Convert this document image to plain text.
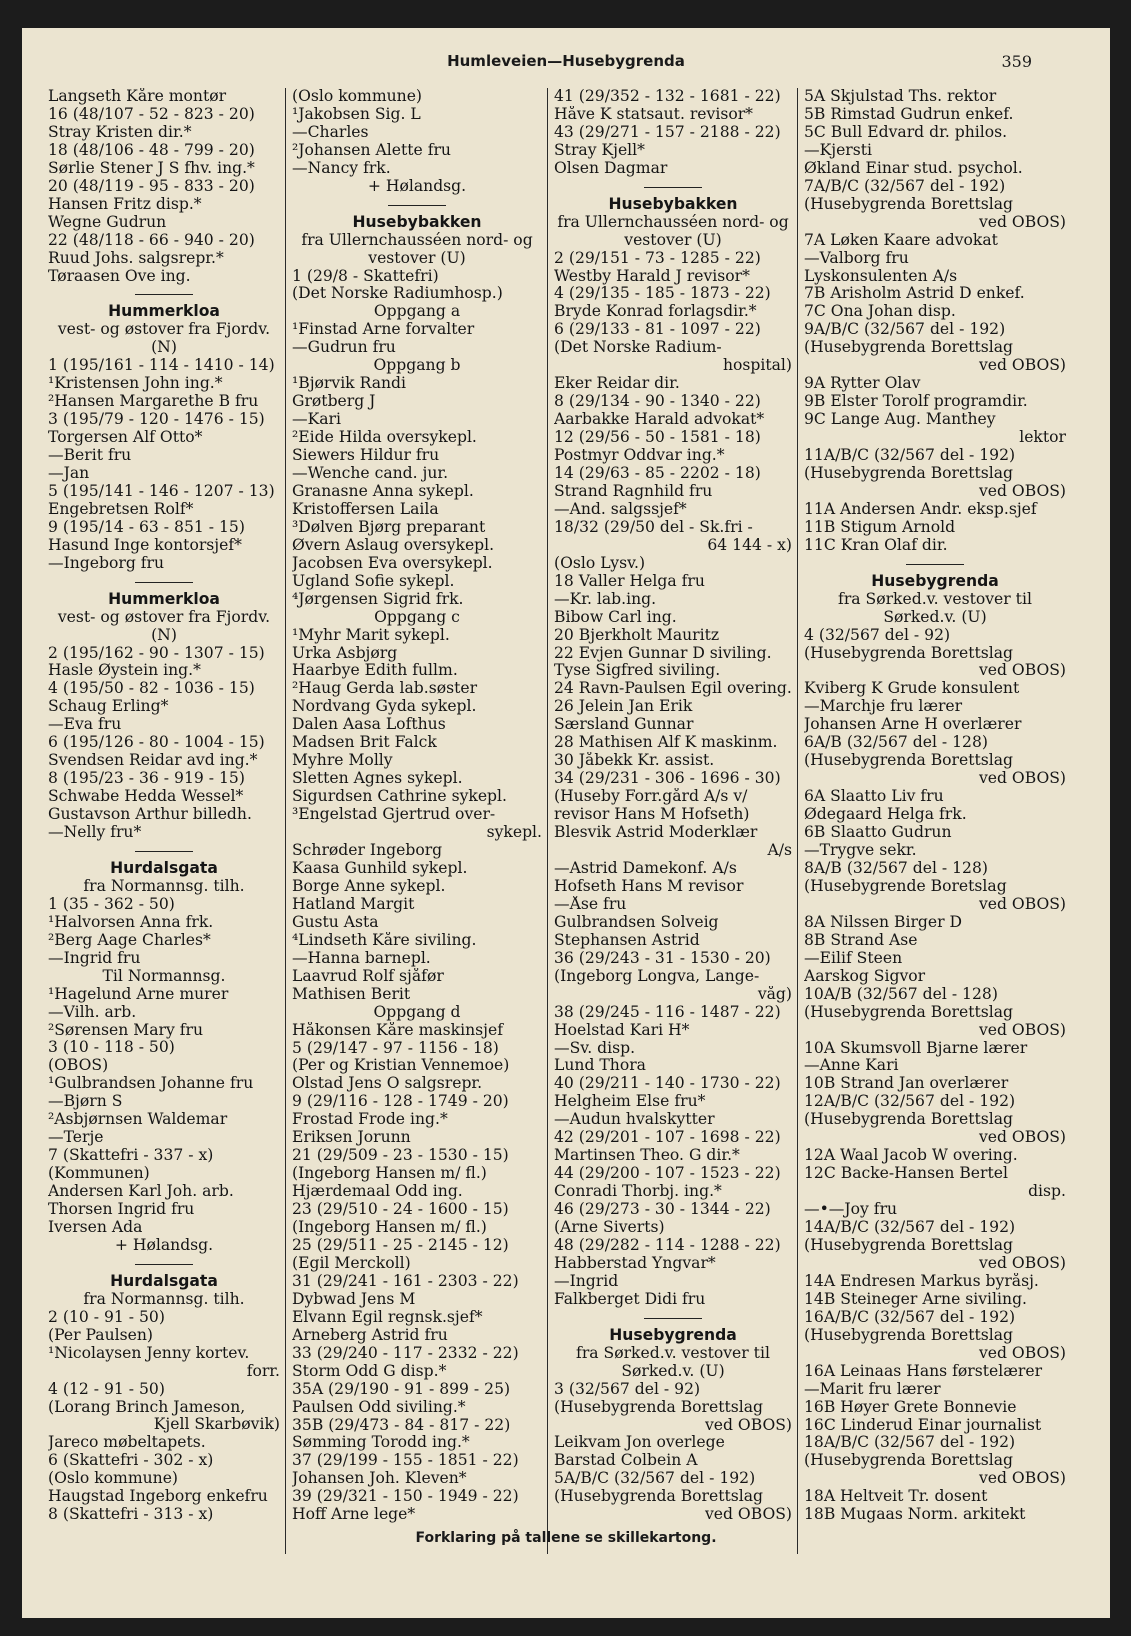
Humleveien—Husebygrenda	359
Langseth Kåre montør
16 (48/107 - 52 - 823 - 20)
Stray Kristen dir.*
18 (48/106 - 48 - 799 - 20)
Sørlie Stener J S fhv. ing.*
20 (48/119 - 95 - 833 - 20)
Hansen Fritz disp.*
Wegne Gudrun
22 (48/118 - 66 - 940 - 20)
Ruud Johs. salgsrepr.*
Tøraasen Ove ing.
Hummerkloa
vest- og østover fra Fjordv.
(N)
1 (195/161 - 114 - 1410 - 14)
¹Kristensen John ing.*
²Hansen Margarethe B fru
3 (195/79 - 120 - 1476 - 15)
Torgersen Alf Otto*
—Berit fru
—Jan
5 (195/141 - 146 - 1207 - 13)
Engebretsen Rolf*
9 (195/14 - 63 - 851 - 15)
Hasund Inge kontorsjef*
—Ingeborg fru
Hummerkloa
vest- og østover fra Fjordv.
(N)
2 (195/162 - 90 - 1307 - 15)
Hasle Øystein ing.*
4 (195/50 - 82 - 1036 - 15)
Schaug Erling*
—Eva fru
6 (195/126 - 80 - 1004 - 15)
Svendsen Reidar avd ing.*
8 (195/23 - 36 - 919 - 15)
Schwabe Hedda Wessel*
Gustavson Arthur billedh.
—Nelly fru*
Hurdalsgata
fra Normannsg. tilh.
1 (35 - 362 - 50)
¹Halvorsen Anna frk.
²Berg Aage Charles*
—Ingrid fru
Til Normannsg.
¹Hagelund Arne murer
—Vilh. arb.
²Sørensen Mary fru
3 (10 - 118 - 50)
(OBOS)
¹Gulbrandsen Johanne fru
—Bjørn S
²Asbjørnsen Waldemar
—Terje
7 (Skattefri - 337 - x)
(Kommunen)
Andersen Karl Joh. arb.
Thorsen Ingrid fru
Iversen Ada
+ Hølandsg.
Hurdalsgata
fra Normannsg. tilh.
2 (10 - 91 - 50)
(Per Paulsen)
¹Nicolaysen Jenny kortev.
forr.
4 (12 - 91 - 50)
(Lorang Brinch Jameson,
Kjell Skarbøvik)
Jareco møbeltapets.
6 (Skattefri - 302 - x)
(Oslo kommune)
Haugstad Ingeborg enkefru
8 (Skattefri - 313 - x)
(Oslo kommune)
¹Jakobsen Sig. L
—Charles
²Johansen Alette fru
—Nancy frk.
+ Hølandsg.
Husebybakken
fra Ullernchausséen nord- og
vestover (U)
1 (29/8 - Skattefri)
(Det Norske Radiumhosp.)
Oppgang a
¹Finstad Arne forvalter
—Gudrun fru
Oppgang b
¹Bjørvik Randi
Grøtberg J
—Kari
²Eide Hilda oversykepl.
Siewers Hildur fru
—Wenche cand. jur.
Granasne Anna sykepl.
Kristoffersen Laila
³Dølven Bjørg preparant
Øvern Aslaug oversykepl.
Jacobsen Eva oversykepl.
Ugland Sofie sykepl.
⁴Jørgensen Sigrid frk.
Oppgang c
¹Myhr Marit sykepl.
Urka Asbjørg
Haarbye Edith fullm.
²Haug Gerda lab.søster
Nordvang Gyda sykepl.
Dalen Aasa Lofthus
Madsen Brit Falck
Myhre Molly
Sletten Agnes sykepl.
Sigurdsen Cathrine sykepl.
³Engelstad Gjertrud over-
sykepl.
Schrøder Ingeborg
Kaasa Gunhild sykepl.
Borge Anne sykepl.
Hatland Margit
Gustu Asta
⁴Lindseth Kåre siviling.
—Hanna barnepl.
Laavrud Rolf sjåfør
Mathisen Berit
Oppgang d
Håkonsen Kåre maskinsjef
5 (29/147 - 97 - 1156 - 18)
(Per og Kristian Vennemoe)
Olstad Jens O salgsrepr.
9 (29/116 - 128 - 1749 - 20)
Frostad Frode ing.*
Eriksen Jorunn
21 (29/509 - 23 - 1530 - 15)
(Ingeborg Hansen m/ fl.)
Hjærdemaal Odd ing.
23 (29/510 - 24 - 1600 - 15)
(Ingeborg Hansen m/ fl.)
25 (29/511 - 25 - 2145 - 12)
(Egil Merckoll)
31 (29/241 - 161 - 2303 - 22)
Dybwad Jens M
Elvann Egil regnsk.sjef*
Arneberg Astrid fru
33 (29/240 - 117 - 2332 - 22)
Storm Odd G disp.*
35A (29/190 - 91 - 899 - 25)
Paulsen Odd siviling.*
35B (29/473 - 84 - 817 - 22)
Sømming Torodd ing.*
37 (29/199 - 155 - 1851 - 22)
Johansen Joh. Kleven*
39 (29/321 - 150 - 1949 - 22)
Hoff Arne lege*
41 (29/352 - 132 - 1681 - 22)
Håve K statsaut. revisor*
43 (29/271 - 157 - 2188 - 22)
Stray Kjell*
Olsen Dagmar
Husebybakken
fra Ullernchausséen nord- og
vestover (U)
2 (29/151 - 73 - 1285 - 22)
Westby Harald J revisor*
4 (29/135 - 185 - 1873 - 22)
Bryde Konrad forlagsdir.*
6 (29/133 - 81 - 1097 - 22)
(Det Norske Radium-
hospital)
Eker Reidar dir.
8 (29/134 - 90 - 1340 - 22)
Aarbakke Harald advokat*
12 (29/56 - 50 - 1581 - 18)
Postmyr Oddvar ing.*
14 (29/63 - 85 - 2202 - 18)
Strand Ragnhild fru
—And. salgssjef*
18/32 (29/50 del - Sk.fri -
64 144 - x)
(Oslo Lysv.)
18 Valler Helga fru
—Kr. lab.ing.
Bibow Carl ing.
20 Bjerkholt Mauritz
22 Evjen Gunnar D siviling.
Tyse Sigfred siviling.
24 Ravn-Paulsen Egil overing.
26 Jelein Jan Erik
Særsland Gunnar
28 Mathisen Alf K maskinm.
30 Jåbekk Kr. assist.
34 (29/231 - 306 - 1696 - 30)
(Huseby Forr.gård A/s v/
revisor Hans M Hofseth)
Blesvik Astrid Moderklær
A/s
—Astrid Damekonf. A/s
Hofseth Hans M revisor
—Åse fru
Gulbrandsen Solveig
Stephansen Astrid
36 (29/243 - 31 - 1530 - 20)
(Ingeborg Longva, Lange-
våg)
38 (29/245 - 116 - 1487 - 22)
Hoelstad Kari H*
—Sv. disp.
Lund Thora
40 (29/211 - 140 - 1730 - 22)
Helgheim Else fru*
—Audun hvalskytter
42 (29/201 - 107 - 1698 - 22)
Martinsen Theo. G dir.*
44 (29/200 - 107 - 1523 - 22)
Conradi Thorbj. ing.*
46 (29/273 - 30 - 1344 - 22)
(Arne Siverts)
48 (29/282 - 114 - 1288 - 22)
Habberstad Yngvar*
—Ingrid
Falkberget Didi fru
Husebygrenda
fra Sørked.v. vestover til
Sørked.v. (U)
3 (32/567 del - 92)
(Husebygrenda Borettslag
ved OBOS)
Leikvam Jon overlege
Barstad Colbein A
5A/B/C (32/567 del - 192)
(Husebygrenda Borettslag
ved OBOS)
5A Skjulstad Ths. rektor
5B Rimstad Gudrun enkef.
5C Bull Edvard dr. philos.
—Kjersti
Økland Einar stud. psychol.
7A/B/C (32/567 del - 192)
(Husebygrenda Borettslag
ved OBOS)
7A Løken Kaare advokat
—Valborg fru
Lyskonsulenten A/s
7B Arisholm Astrid D enkef.
7C Ona Johan disp.
9A/B/C (32/567 del - 192)
(Husebygrenda Borettslag
ved OBOS)
9A Rytter Olav
9B Elster Torolf programdir.
9C Lange Aug. Manthey
lektor
11A/B/C (32/567 del - 192)
(Husebygrenda Borettslag
ved OBOS)
11A Andersen Andr. eksp.sjef
11B Stigum Arnold
11C Kran Olaf dir.
Husebygrenda
fra Sørked.v. vestover til
Sørked.v. (U)
4 (32/567 del - 92)
(Husebygrenda Borettslag
ved OBOS)
Kviberg K Grude konsulent
—Marchje fru lærer
Johansen Arne H overlærer
6A/B (32/567 del - 128)
(Husebygrenda Borettslag
ved OBOS)
6A Slaatto Liv fru
Ødegaard Helga frk.
6B Slaatto Gudrun
—Trygve sekr.
8A/B (32/567 del - 128)
(Husebygrende Boretslag
ved OBOS)
8A Nilssen Birger D
8B Strand Ase
—Eilif Steen
Aarskog Sigvor
10A/B (32/567 del - 128)
(Husebygrenda Borettslag
ved OBOS)
10A Skumsvoll Bjarne lærer
—Anne Kari
10B Strand Jan overlærer
12A/B/C (32/567 del - 192)
(Husebygrenda Borettslag
ved OBOS)
12A Waal Jacob W overing.
12C Backe-Hansen Bertel
disp.
—•—Joy fru
14A/B/C (32/567 del - 192)
(Husebygrenda Borettslag
ved OBOS)
14A Endresen Markus byråsj.
14B Steineger Arne siviling.
16A/B/C (32/567 del - 192)
(Husebygrenda Borettslag
ved OBOS)
16A Leinaas Hans førstelærer
—Marit fru lærer
16B Høyer Grete Bonnevie
16C Linderud Einar journalist
18A/B/C (32/567 del - 192)
(Husebygrenda Borettslag
ved OBOS)
18A Heltveit Tr. dosent
18B Mugaas Norm. arkitekt
Forklaring på tallene se skillekartong.
